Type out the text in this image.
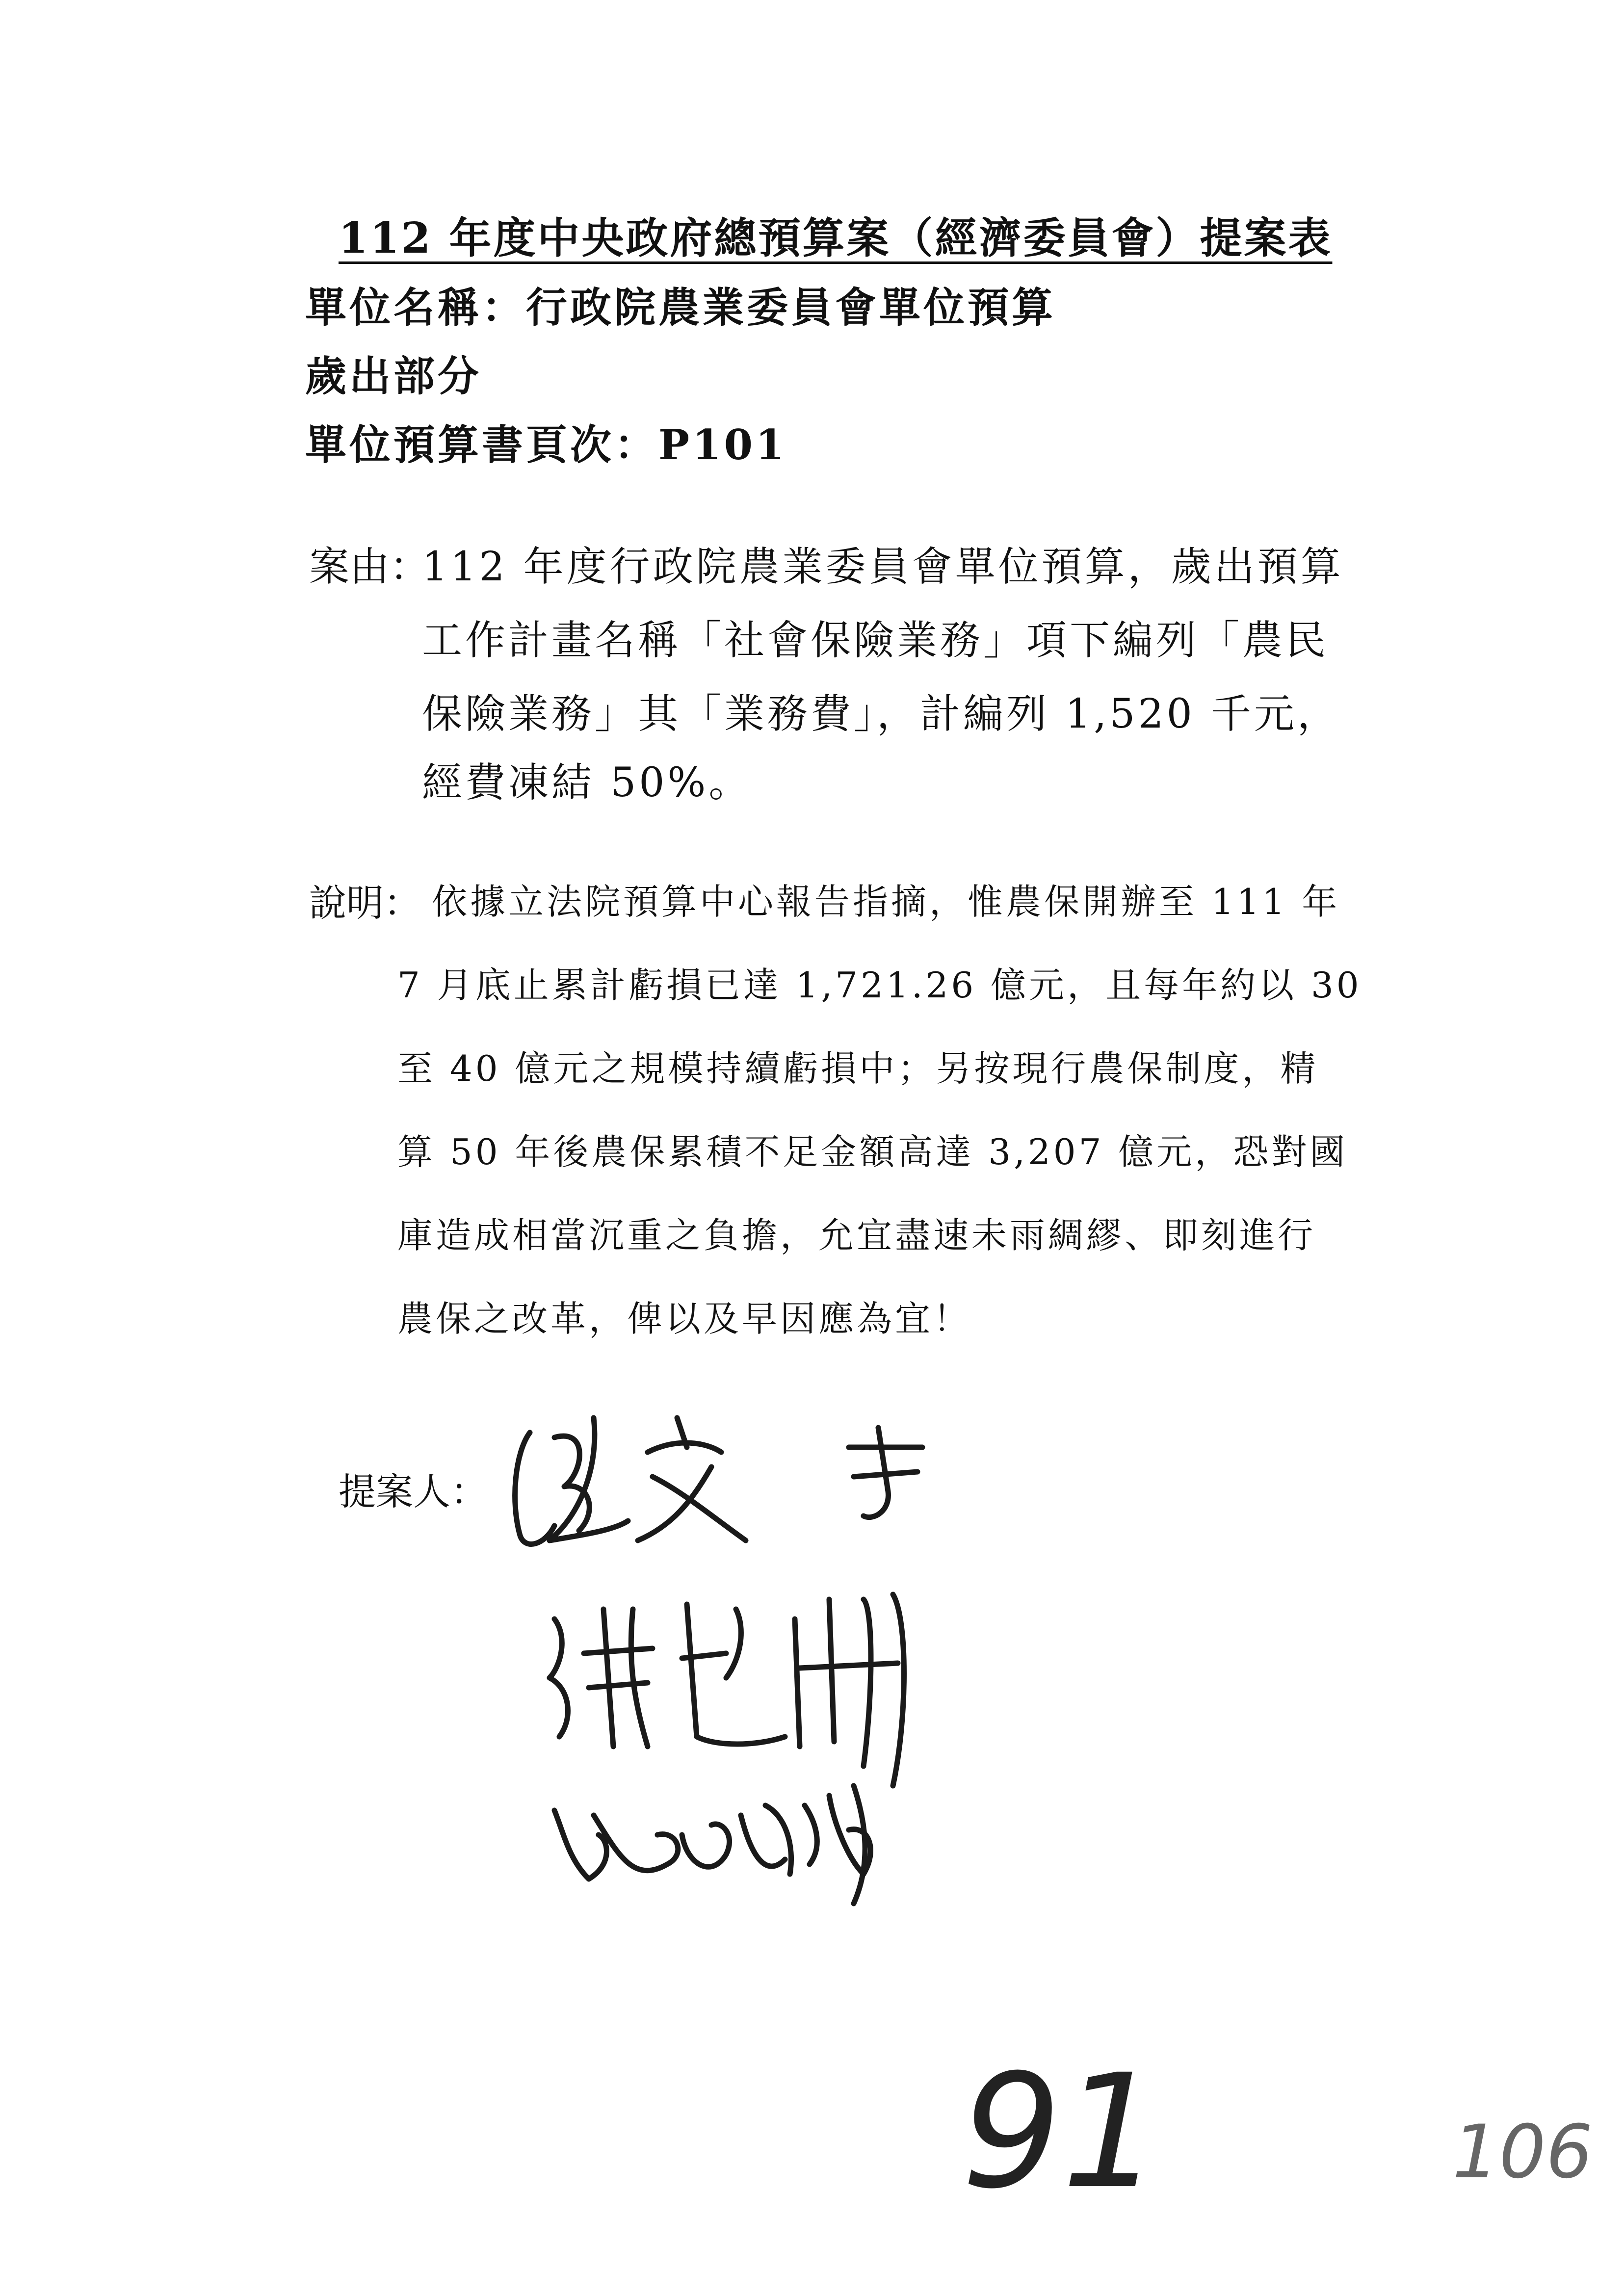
112 年度中央政府總預算案（經濟委員會）提案表
單位名稱：行政院農業委員會單位預算
歲出部分
單位預算書頁次：P101
案由：
112 年度行政院農業委員會單位預算，歲出預算
工作計畫名稱「社會保險業務」項下編列「農民
保險業務」其「業務費」，計編列 1,520 千元，
經費凍結 50%。
說明： 依據立法院預算中心報告指摘，惟農保開辦至 111 年
7 月底止累計虧損已達 1,721.26 億元，且每年約以 30
至 40 億元之規模持續虧損中；另按現行農保制度，精
算 50 年後農保累積不足金額高達 3,207 億元，恐對國
庫造成相當沉重之負擔，允宜盡速未雨綢繆、即刻進行
農保之改革，俾以及早因應為宜！
提案人：
91	106
